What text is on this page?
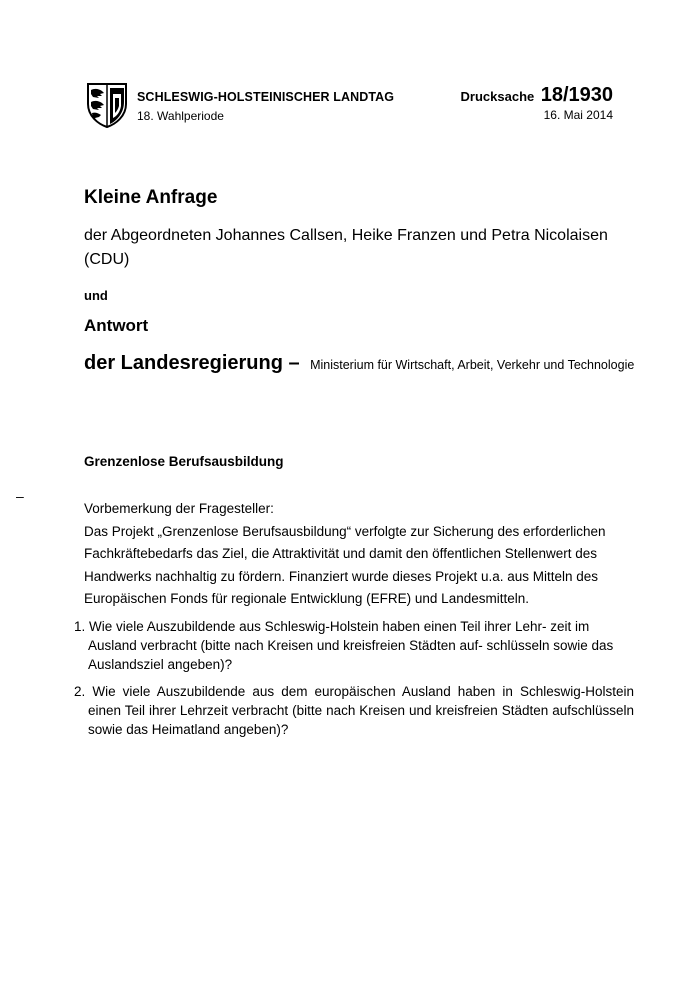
SCHLESWIG-HOLSTEINISCHER LANDTAG
18. Wahlperiode
Drucksache 18/1930
16. Mai 2014
Kleine Anfrage
der Abgeordneten Johannes Callsen, Heike Franzen und Petra Nicolaisen (CDU)
und
Antwort
der Landesregierung – Ministerium für Wirtschaft, Arbeit, Verkehr und Technologie
Grenzenlose Berufsausbildung
–
Vorbemerkung der Fragesteller:
Das Projekt „Grenzenlose Berufsausbildung“ verfolgte zur Sicherung des erforderlichen Fachkräftebedarfs das Ziel, die Attraktivität und damit den öffentlichen Stellenwert des Handwerks nachhaltig zu fördern. Finanziert wurde dieses Projekt u.a. aus Mitteln des Europäischen Fonds für regionale Entwicklung (EFRE) und Landesmitteln.
1. Wie viele Auszubildende aus Schleswig-Holstein haben einen Teil ihrer Lehr- zeit im Ausland verbracht (bitte nach Kreisen und kreisfreien Städten auf- schlüsseln sowie das Auslandsziel angeben)?
2. Wie viele Auszubildende aus dem europäischen Ausland haben in Schleswig-Holstein einen Teil ihrer Lehrzeit verbracht (bitte nach Kreisen und kreisfreien Städten aufschlüsseln sowie das Heimatland angeben)?
